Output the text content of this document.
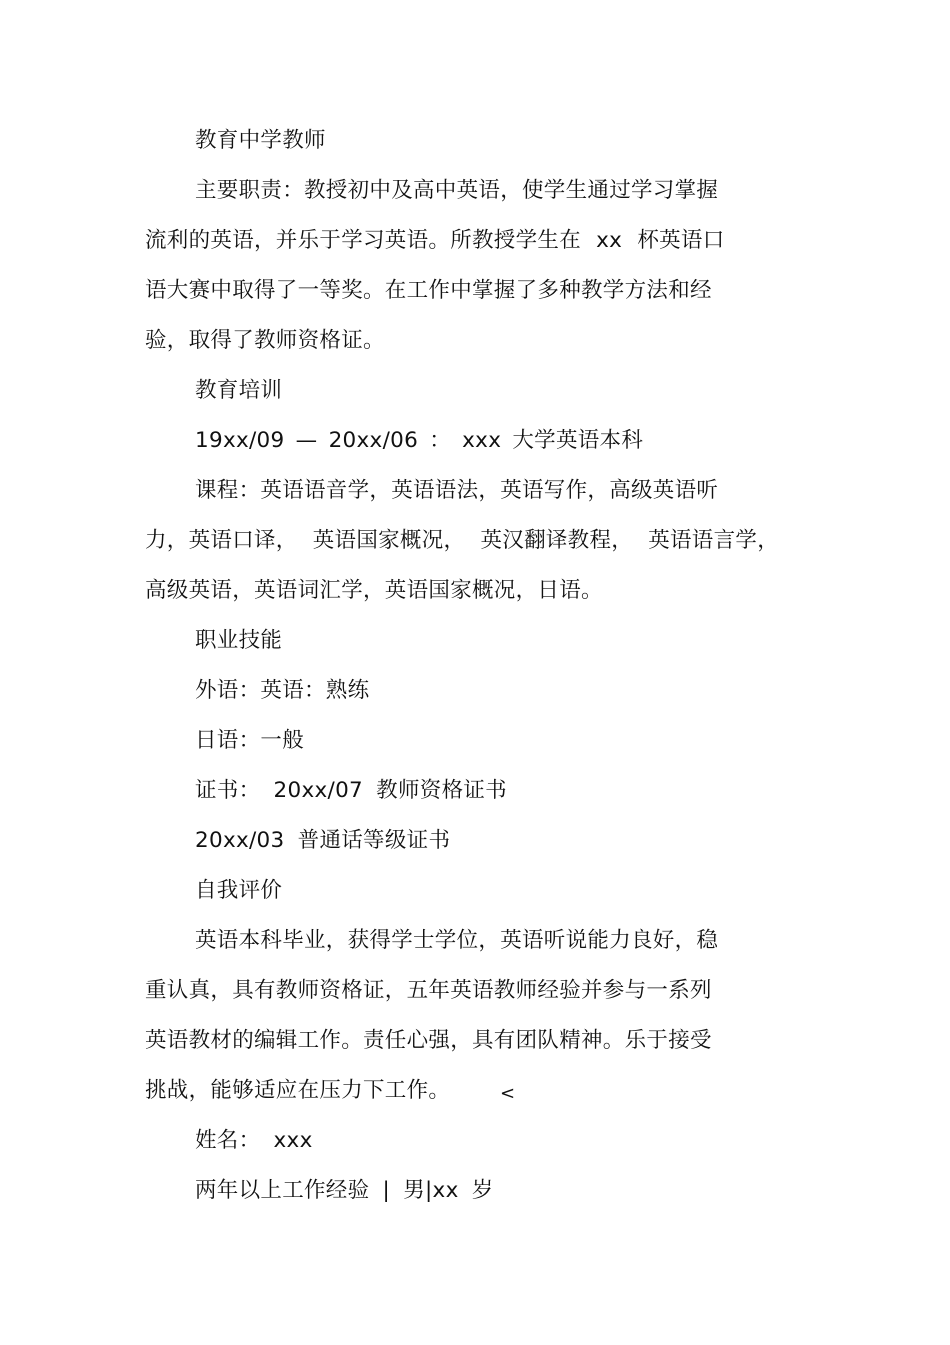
教育中学教师
主要职责：教授初中及高中英语，使学生通过学习掌握
流利的英语，并乐于学习英语。所教授学生在 xx 杯英语口
语大赛中取得了一等奖。在工作中掌握了多种教学方法和经
验，取得了教师资格证。
教育培训
19xx/09 — 20xx/06 ： xxx 大学英语本科
课程：英语语音学，英语语法，英语写作，高级英语听
力，英语口译， 英语国家概况， 英汉翻译教程， 英语语言学，
高级英语，英语词汇学，英语国家概况，日语。
职业技能
外语：英语：熟练
日语：一般
证书： 20xx/07 教师资格证书
20xx/03 普通话等级证书
自我评价
英语本科毕业，获得学士学位，英语听说能力良好，稳
重认真，具有教师资格证，五年英语教师经验并参与一系列
英语教材的编辑工作。责任心强，具有团队精神。乐于接受
挑战，能够适应在压力下工作。	<
姓名： xxx
两年以上工作经验 | 男|xx 岁
